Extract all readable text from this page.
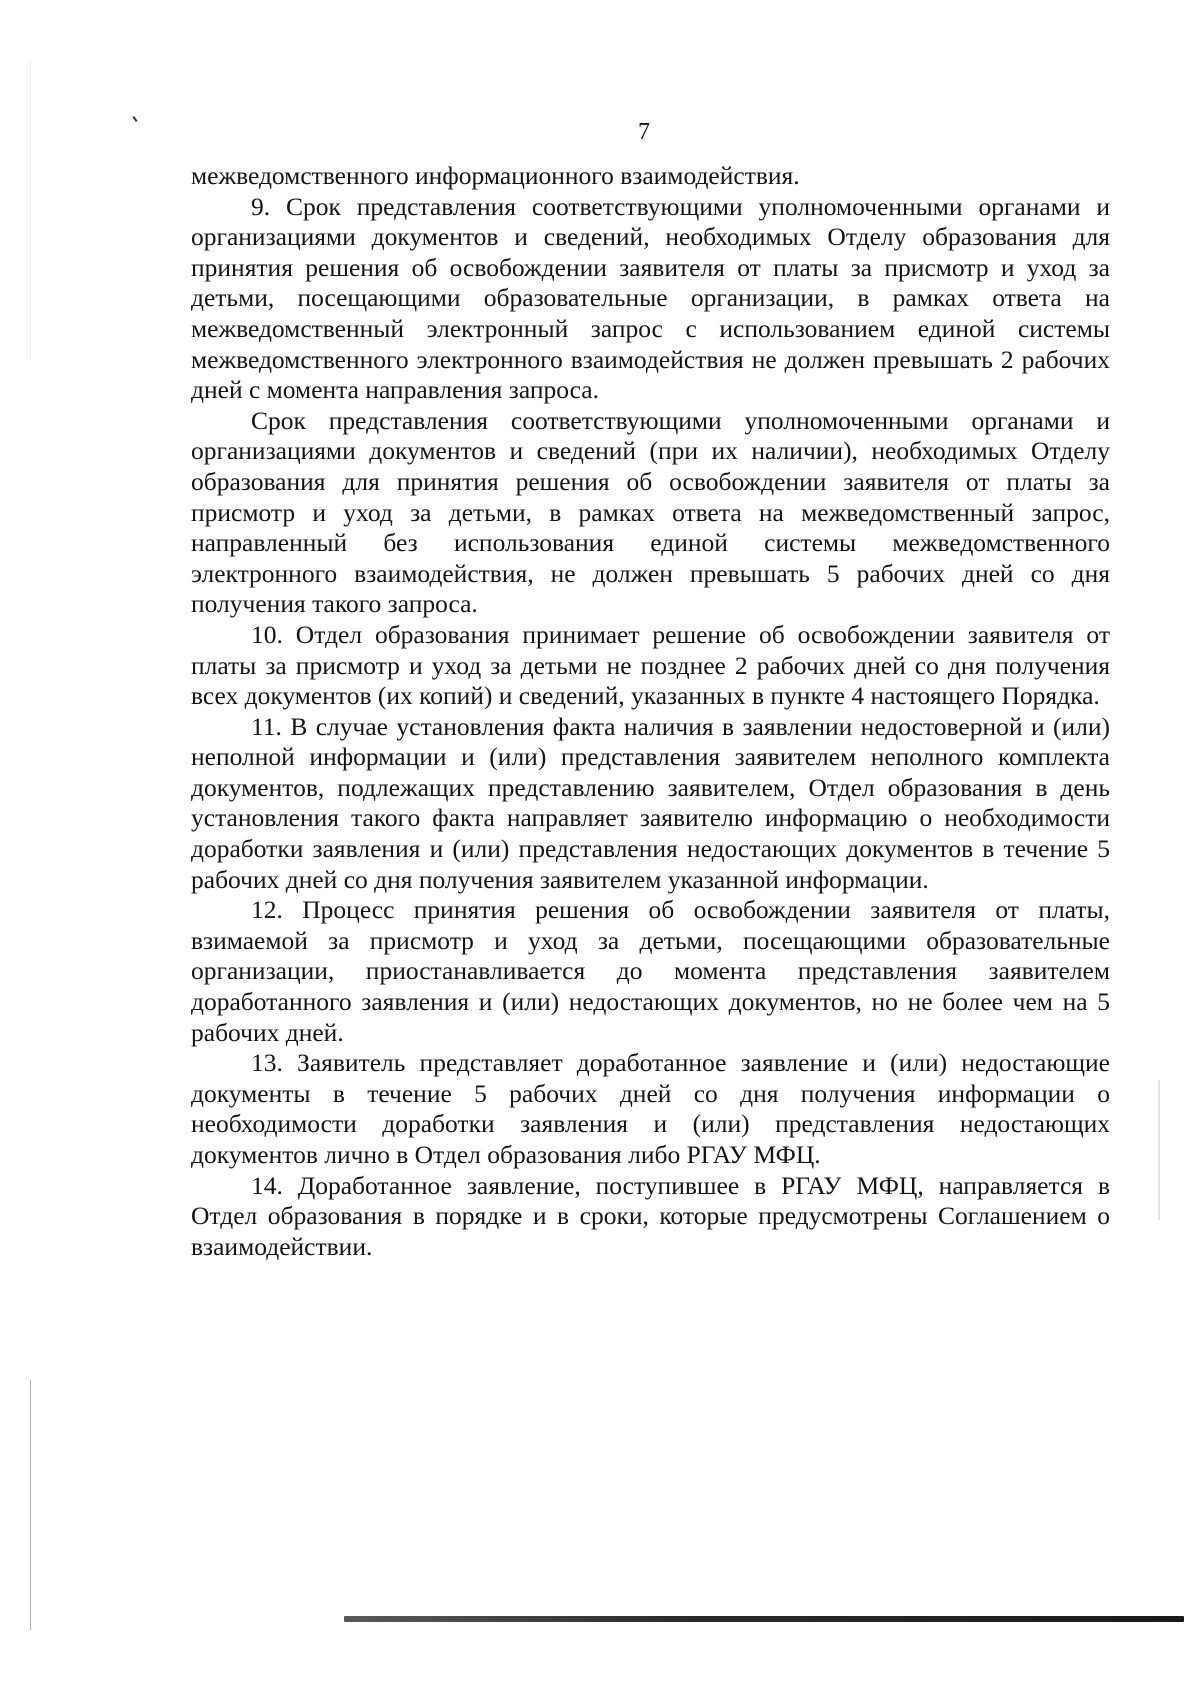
7

межведомственного информационного взаимодействия.

9. Срок представления соответствующими уполномоченными органами и организациями документов и сведений, необходимых Отделу образования для принятия решения об освобождении заявителя от платы за присмотр и уход за детьми, посещающими образовательные организации, в рамках ответа на межведомственный электронный запрос с использованием единой системы межведомственного электронного взаимодействия не должен превышать 2 рабочих дней с момента направления запроса.

Срок представления соответствующими уполномоченными органами и организациями документов и сведений (при их наличии), необходимых Отделу образования для принятия решения об освобождении заявителя от платы за присмотр и уход за детьми, в рамках ответа на межведомственный запрос, направленный без использования единой системы межведомственного электронного взаимодействия, не должен превышать 5 рабочих дней со дня получения такого запроса.

10. Отдел образования принимает решение об освобождении заявителя от платы за присмотр и уход за детьми не позднее 2 рабочих дней со дня получения всех документов (их копий) и сведений, указанных в пункте 4 настоящего Порядка.

11. В случае установления факта наличия в заявлении недостоверной и (или) неполной информации и (или) представления заявителем неполного комплекта документов, подлежащих представлению заявителем, Отдел образования в день установления такого факта направляет заявителю информацию о необходимости доработки заявления и (или) представления недостающих документов в течение 5 рабочих дней со дня получения заявителем указанной информации.

12. Процесс принятия решения об освобождении заявителя от платы, взимаемой за присмотр и уход за детьми, посещающими образовательные организации, приостанавливается до момента представления заявителем доработанного заявления и (или) недостающих документов, но не более чем на 5 рабочих дней.

13. Заявитель представляет доработанное заявление и (или) недостающие документы в течение 5 рабочих дней со дня получения информации о необходимости доработки заявления и (или) представления недостающих документов лично в Отдел образования либо РГАУ МФЦ.

14. Доработанное заявление, поступившее в РГАУ МФЦ, направляется в Отдел образования в порядке и в сроки, которые предусмотрены Соглашением о взаимодействии.
